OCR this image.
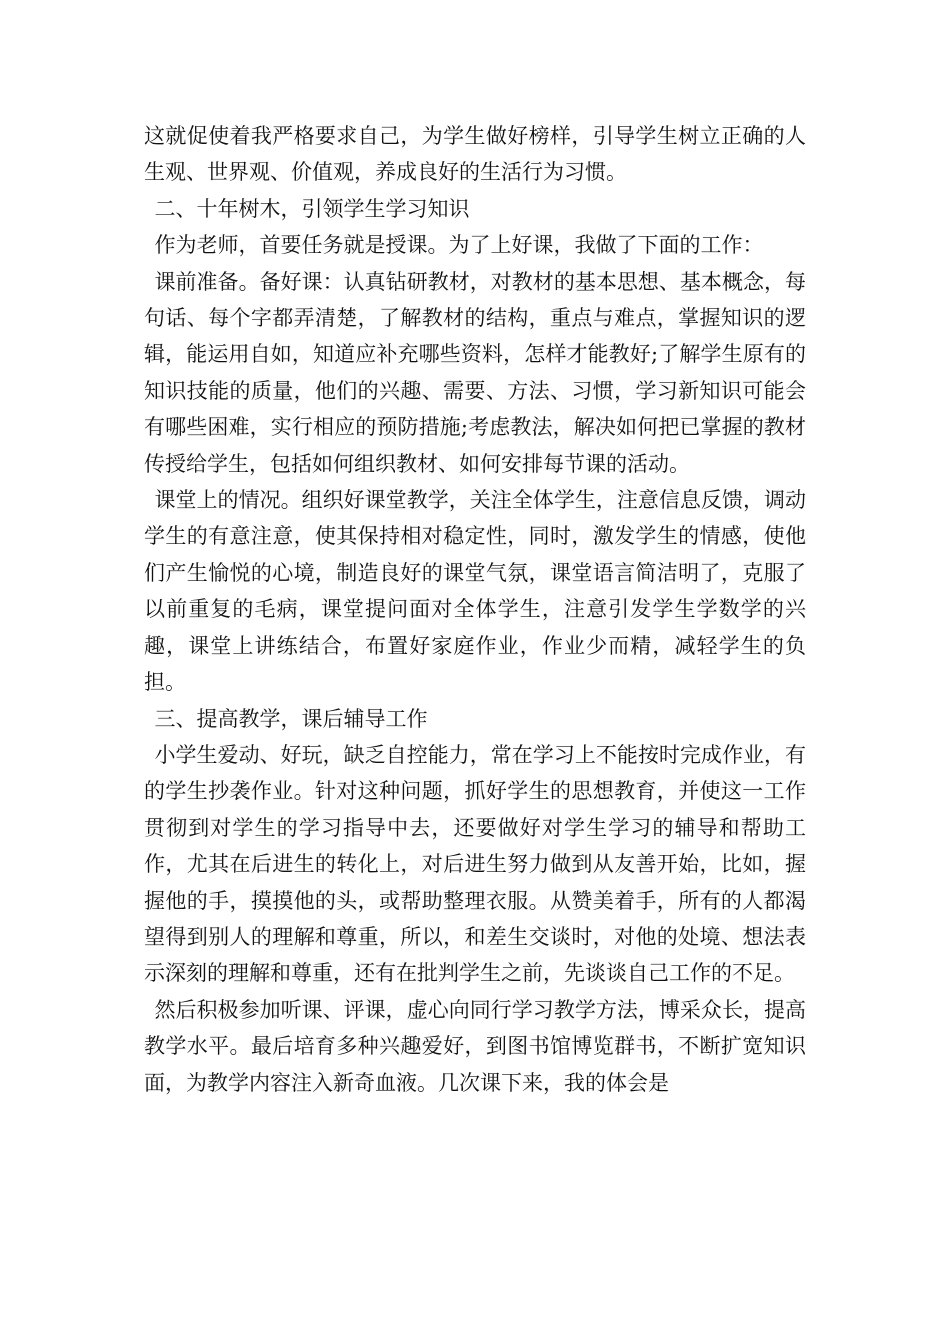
这就促使着我严格要求自己，为学生做好榜样，引导学生树立正确的人生观、世界观、价值观，养成良好的生活行为习惯。

二、十年树木，引领学生学习知识

作为老师，首要任务就是授课。为了上好课，我做了下面的工作：

课前准备。备好课：认真钻研教材，对教材的基本思想、基本概念，每句话、每个字都弄清楚，了解教材的结构，重点与难点，掌握知识的逻辑，能运用自如，知道应补充哪些资料，怎样才能教好;了解学生原有的知识技能的质量，他们的兴趣、需要、方法、习惯，学习新知识可能会有哪些困难，实行相应的预防措施;考虑教法，解决如何把已掌握的教材传授给学生，包括如何组织教材、如何安排每节课的活动。

课堂上的情况。组织好课堂教学，关注全体学生，注意信息反馈，调动学生的有意注意，使其保持相对稳定性，同时，激发学生的情感，使他们产生愉悦的心境，制造良好的课堂气氛，课堂语言简洁明了，克服了以前重复的毛病，课堂提问面对全体学生，注意引发学生学数学的兴趣，课堂上讲练结合，布置好家庭作业，作业少而精，减轻学生的负担。

三、提高教学，课后辅导工作

小学生爱动、好玩，缺乏自控能力，常在学习上不能按时完成作业，有的学生抄袭作业。针对这种问题，抓好学生的思想教育，并使这一工作贯彻到对学生的学习指导中去，还要做好对学生学习的辅导和帮助工作，尤其在后进生的转化上，对后进生努力做到从友善开始，比如，握握他的手，摸摸他的头，或帮助整理衣服。从赞美着手，所有的人都渴望得到别人的理解和尊重，所以，和差生交谈时，对他的处境、想法表示深刻的理解和尊重，还有在批判学生之前，先谈谈自己工作的不足。

然后积极参加听课、评课，虚心向同行学习教学方法，博采众长，提高教学水平。最后培育多种兴趣爱好，到图书馆博览群书，不断扩宽知识面，为教学内容注入新奇血液。几次课下来，我的体会是
